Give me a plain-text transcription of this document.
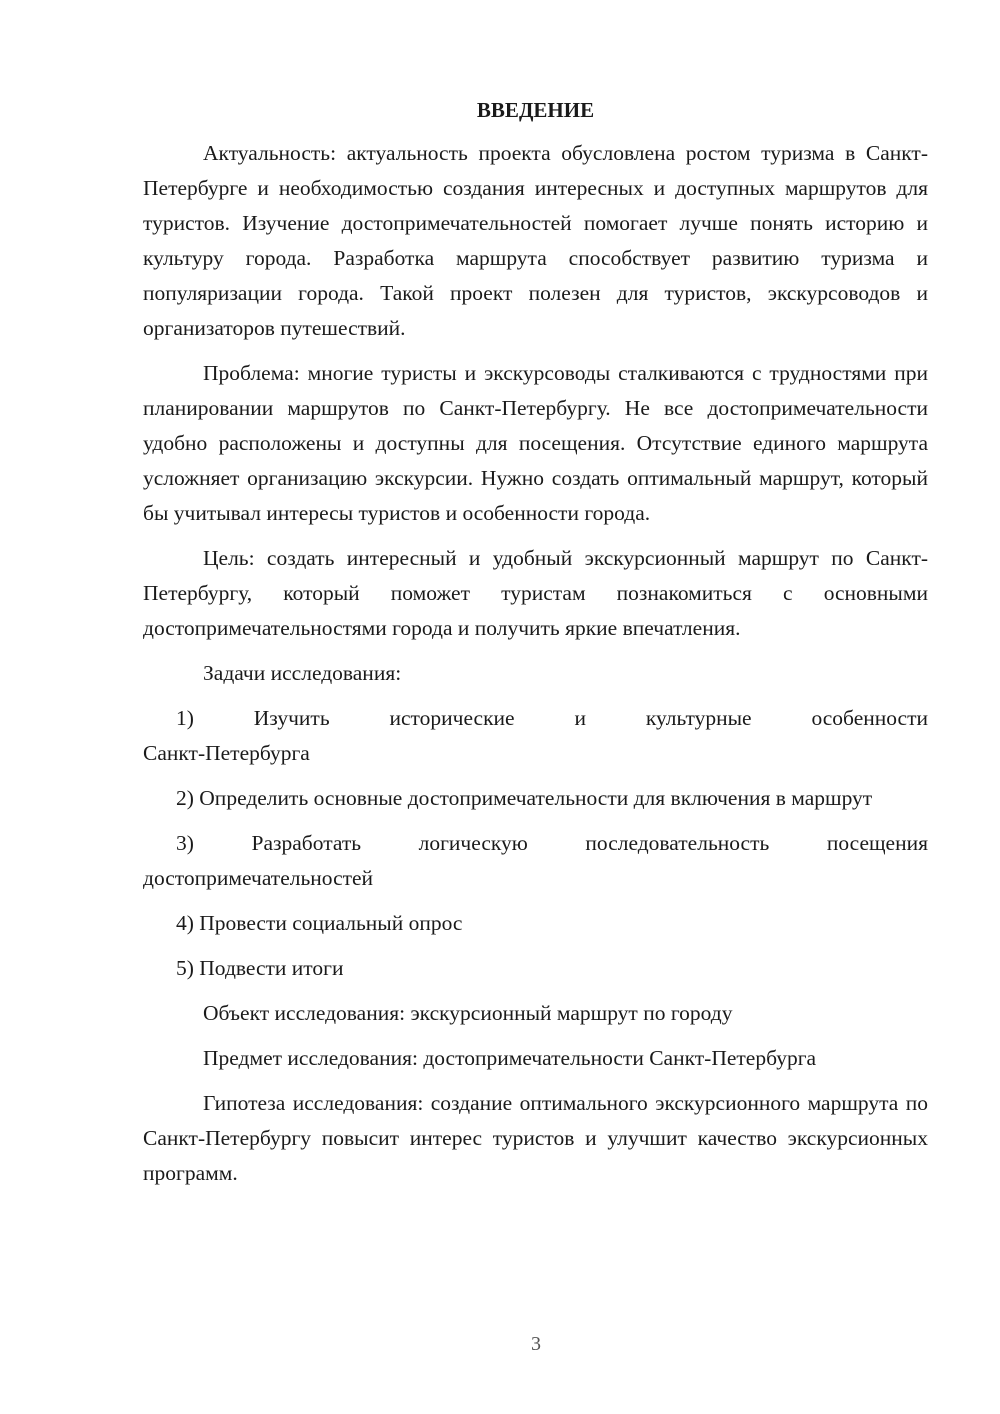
ВВЕДЕНИЕ

Актуальность: актуальность проекта обусловлена ростом туризма в Санкт-Петербурге и необходимостью создания интересных и доступных маршрутов для туристов. Изучение достопримечательностей помогает лучше понять историю и культуру города. Разработка маршрута способствует развитию туризма и популяризации города. Такой проект полезен для туристов, экскурсоводов и организаторов путешествий.

Проблема: многие туристы и экскурсоводы сталкиваются с трудностями при планировании маршрутов по Санкт-Петербургу. Не все достопримечательности удобно расположены и доступны для посещения. Отсутствие единого маршрута усложняет организацию экскурсии. Нужно создать оптимальный маршрут, который бы учитывал интересы туристов и особенности города.

Цель: создать интересный и удобный экскурсионный маршрут по Санкт-Петербургу, который поможет туристам познакомиться с основными достопримечательностями города и получить яркие впечатления.

Задачи исследования:

1)	Изучить	исторические	и	культурные	особенности
Санкт-Петербурга

2) Определить основные достопримечательности для включения в маршрут

3)	Разработать	логическую	последовательность	посещения
достопримечательностей

4) Провести социальный опрос

5) Подвести итоги

Объект исследования: экскурсионный маршрут по городу

Предмет исследования: достопримечательности Санкт-Петербурга

Гипотеза исследования: создание оптимального экскурсионного маршрута по Санкт-Петербургу повысит интерес туристов и улучшит качество экскурсионных программ.

3
